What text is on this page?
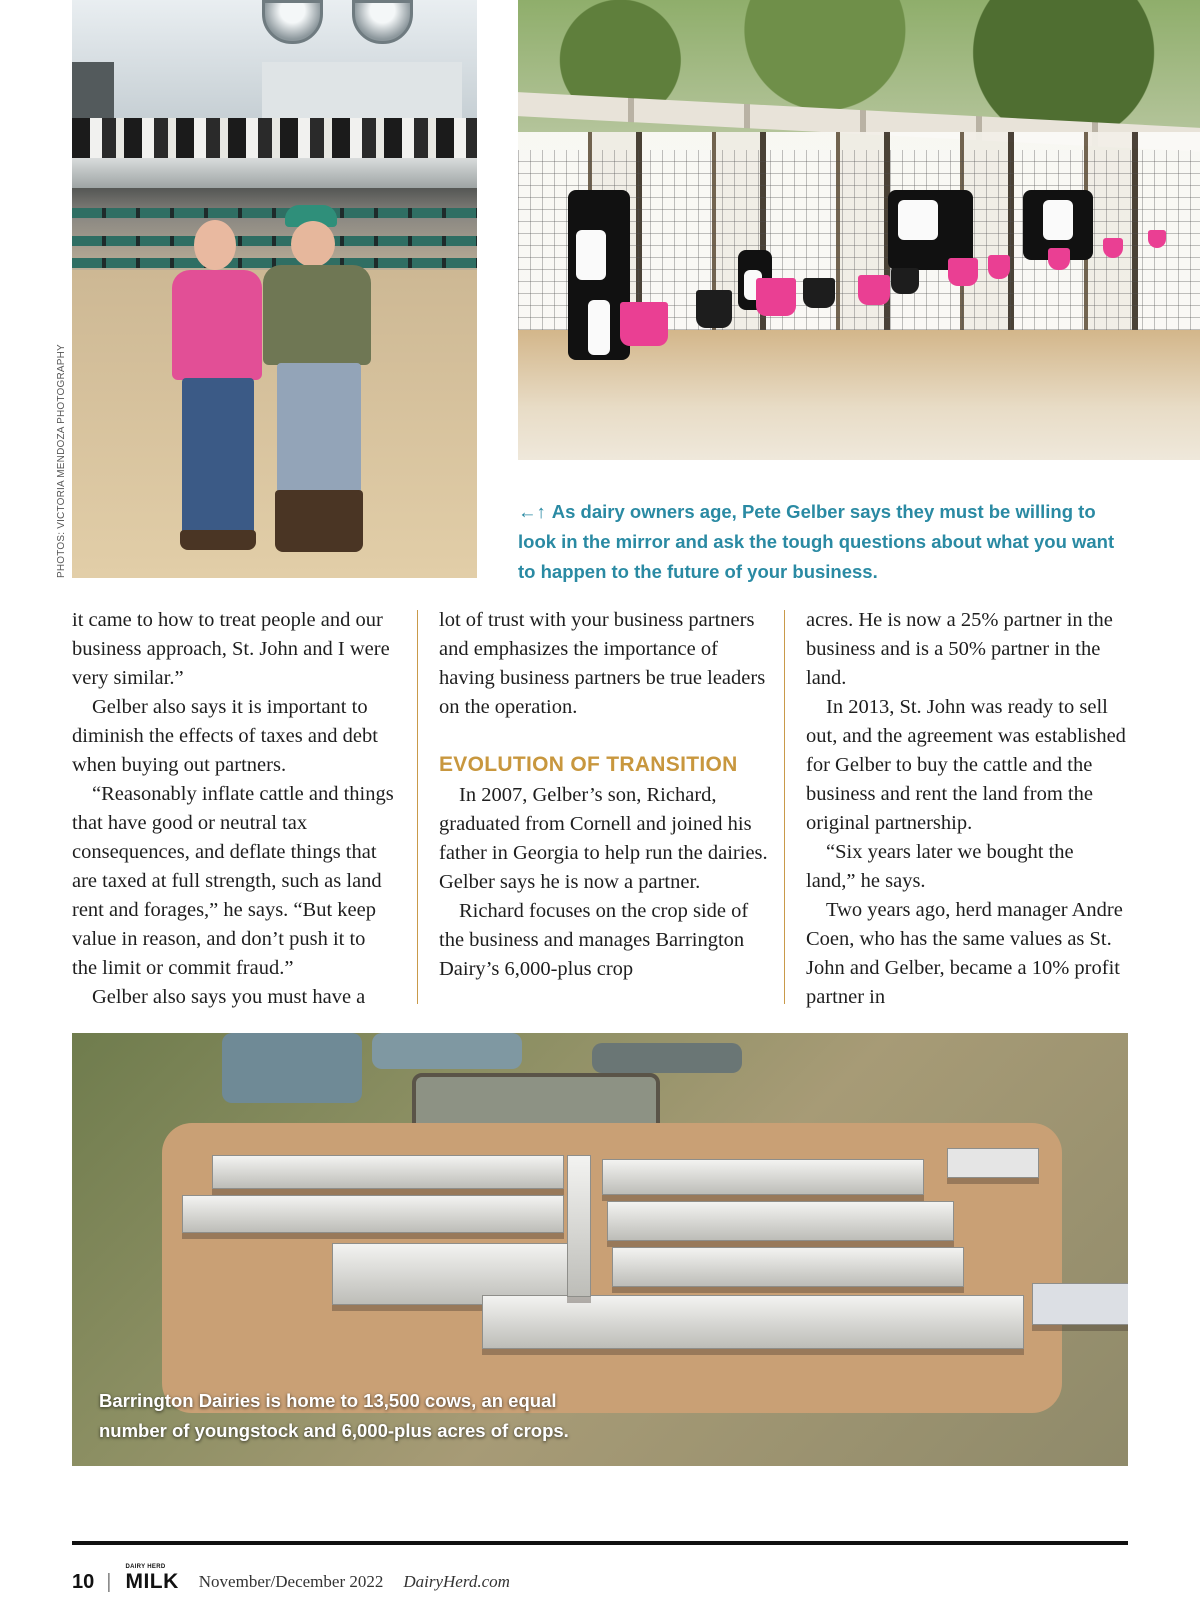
PHOTOS: VICTORIA MENDOZA PHOTOGRAPHY	←↑ As dairy owners age, Pete Gelber says they must be willing to look in the mirror and ask the tough questions about what you want to happen to the future of your business.

it came to how to treat people and our business approach, St. John and I were very similar.”

Gelber also says it is important to diminish the effects of taxes and debt when buying out partners.

“Reasonably inflate cattle and things that have good or neutral tax consequences, and deflate things that are taxed at full strength, such as land rent and forages,” he says. “But keep value in reason, and don’t push it to the limit or commit fraud.”

Gelber also says you must have a

lot of trust with your business partners and emphasizes the importance of having business partners be true leaders on the operation.

EVOLUTION OF TRANSITION

In 2007, Gelber’s son, Richard, graduated from Cornell and joined his father in Georgia to help run the dairies. Gelber says he is now a partner.

Richard focuses on the crop side of the business and manages Barrington Dairy’s 6,000-plus crop

acres. He is now a 25% partner in the business and is a 50% partner in the land.

In 2013, St. John was ready to sell out, and the agreement was established for Gelber to buy the cattle and the business and rent the land from the original partnership.

“Six years later we bought the land,” he says.

Two years ago, herd manager Andre Coen, who has the same values as St. John and Gelber, became a 10% profit partner in

Barrington Dairies is home to 13,500 cows, an equal number of youngstock and 6,000-plus acres of crops.
10 |
DAIRY HERD
MILK November/December 2022 DairyHerd.com
